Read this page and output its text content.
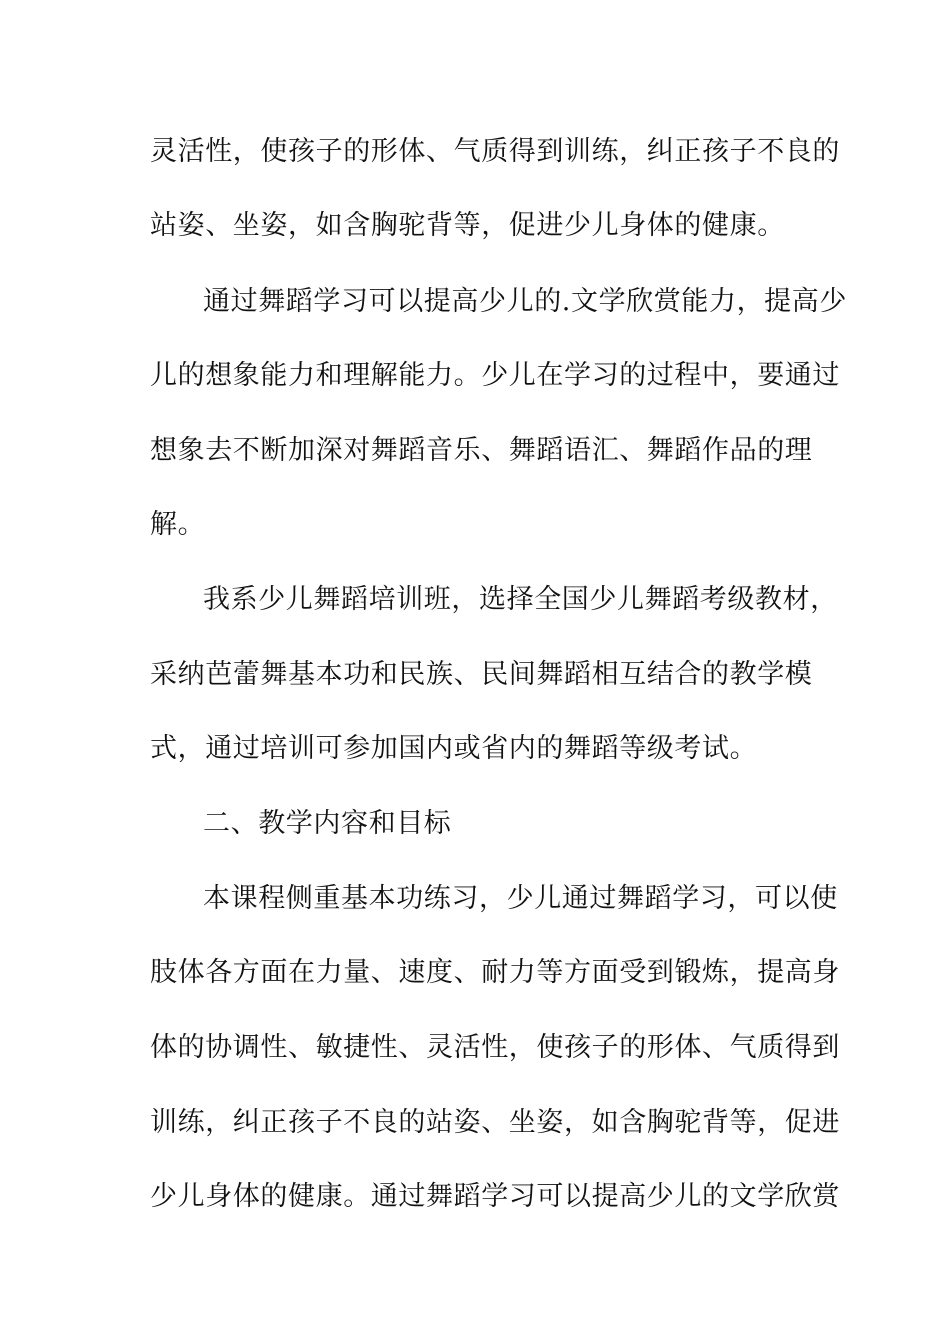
灵活性，使孩子的形体、气质得到训练，纠正孩子不良的
站姿、坐姿，如含胸驼背等，促进少儿身体的健康。
通过舞蹈学习可以提高少儿的.文学欣赏能力，提高少
儿的想象能力和理解能力。少儿在学习的过程中，要通过
想象去不断加深对舞蹈音乐、舞蹈语汇、舞蹈作品的理
解。
我系少儿舞蹈培训班，选择全国少儿舞蹈考级教材，
采纳芭蕾舞基本功和民族、民间舞蹈相互结合的教学模
式，通过培训可参加国内或省内的舞蹈等级考试。
二、教学内容和目标
本课程侧重基本功练习，少儿通过舞蹈学习，可以使
肢体各方面在力量、速度、耐力等方面受到锻炼，提高身
体的协调性、敏捷性、灵活性，使孩子的形体、气质得到
训练，纠正孩子不良的站姿、坐姿，如含胸驼背等，促进
少儿身体的健康。通过舞蹈学习可以提高少儿的文学欣赏
